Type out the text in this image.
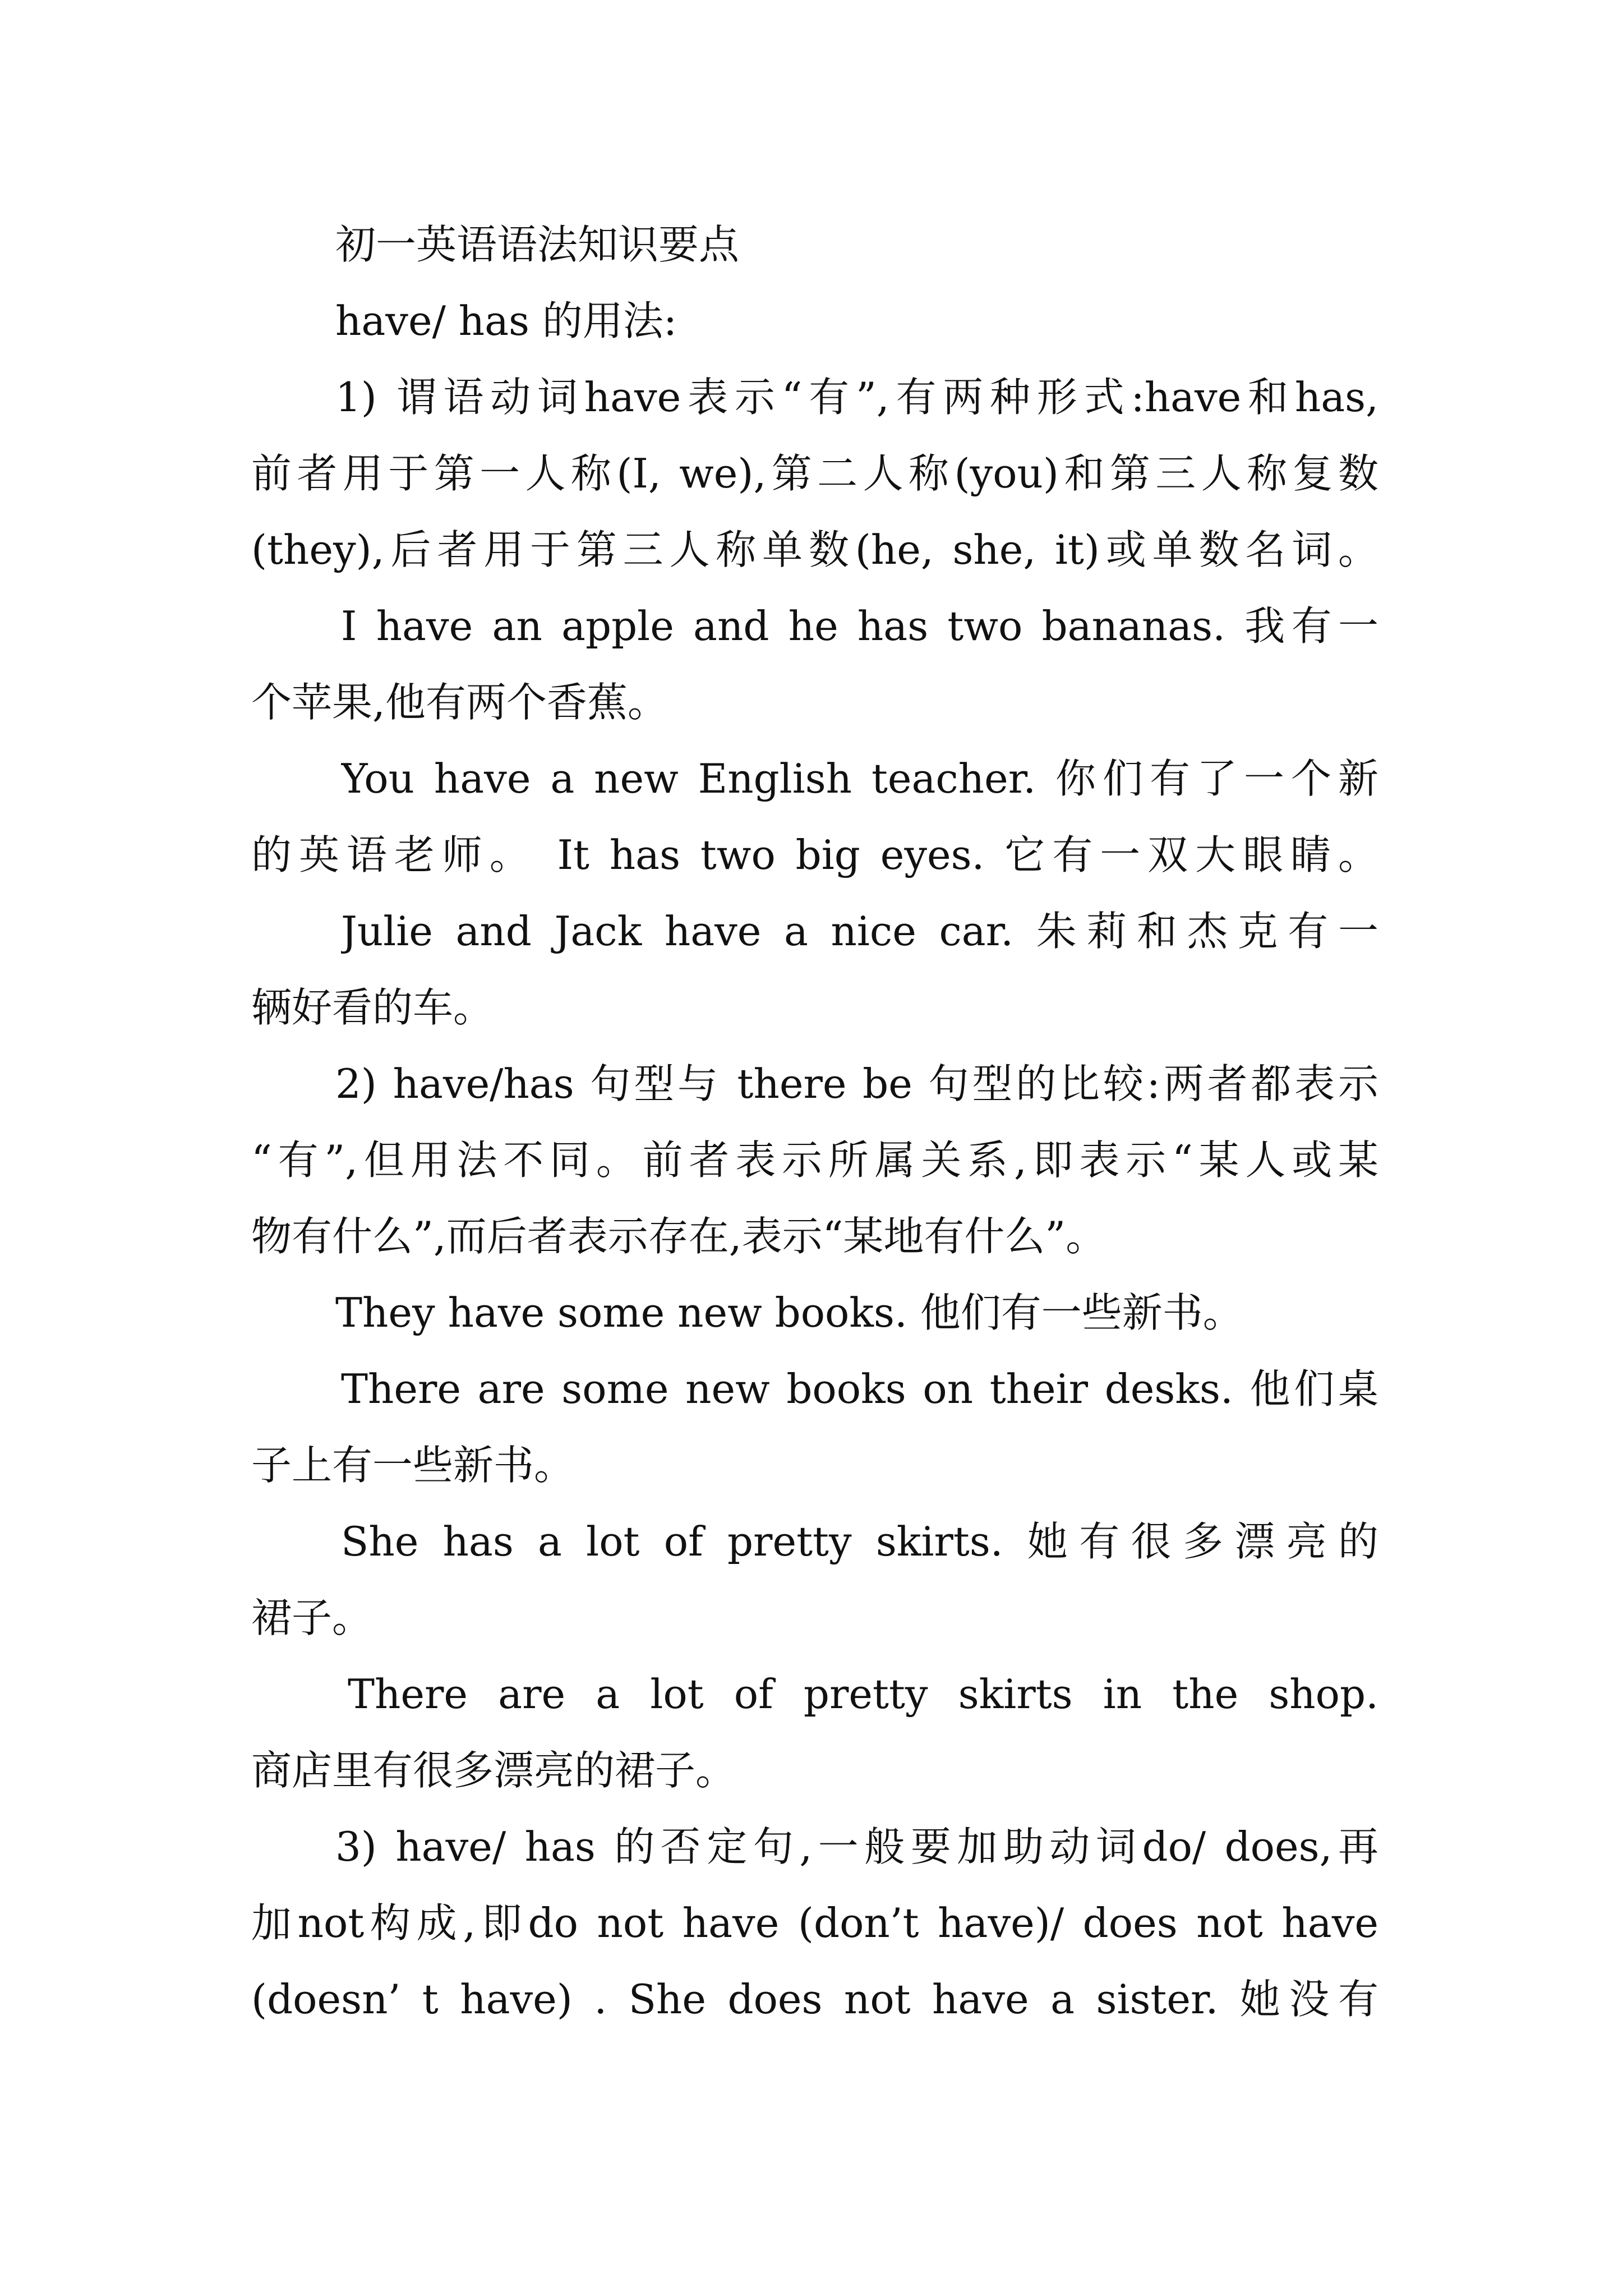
初一英语语法知识要点

have/ has 的用法:

1) 谓语动词have表示“有”,有两种形式:have和has,

前者用于第一人称(I, we),第二人称(you)和第三人称复数

(they),后者用于第三人称单数(he, she, it)或单数名词。

I have an apple and he has two bananas. 我有一

个苹果,他有两个香蕉。

You have a new English teacher. 你们有了一个新

的英语老师。 It has two big eyes. 它有一双大眼睛。

Julie and Jack have a nice car. 朱莉和杰克有一

辆好看的车。

2) have/has 句型与 there be 句型的比较:两者都表示

“有”,但用法不同。前者表示所属关系,即表示“某人或某

物有什么”,而后者表示存在,表示“某地有什么”。

They have some new books. 他们有一些新书。

There are some new books on their desks. 他们桌

子上有一些新书。

She has a lot of pretty skirts. 她有很多漂亮的

裙子。

There are a lot of pretty skirts in the shop.

商店里有很多漂亮的裙子。

3) have/ has 的否定句,一般要加助动词do/ does,再

加not构成,即do not have (don’t have)/ does not have

(doesn’ t have) . She does not have a sister. 她没有
